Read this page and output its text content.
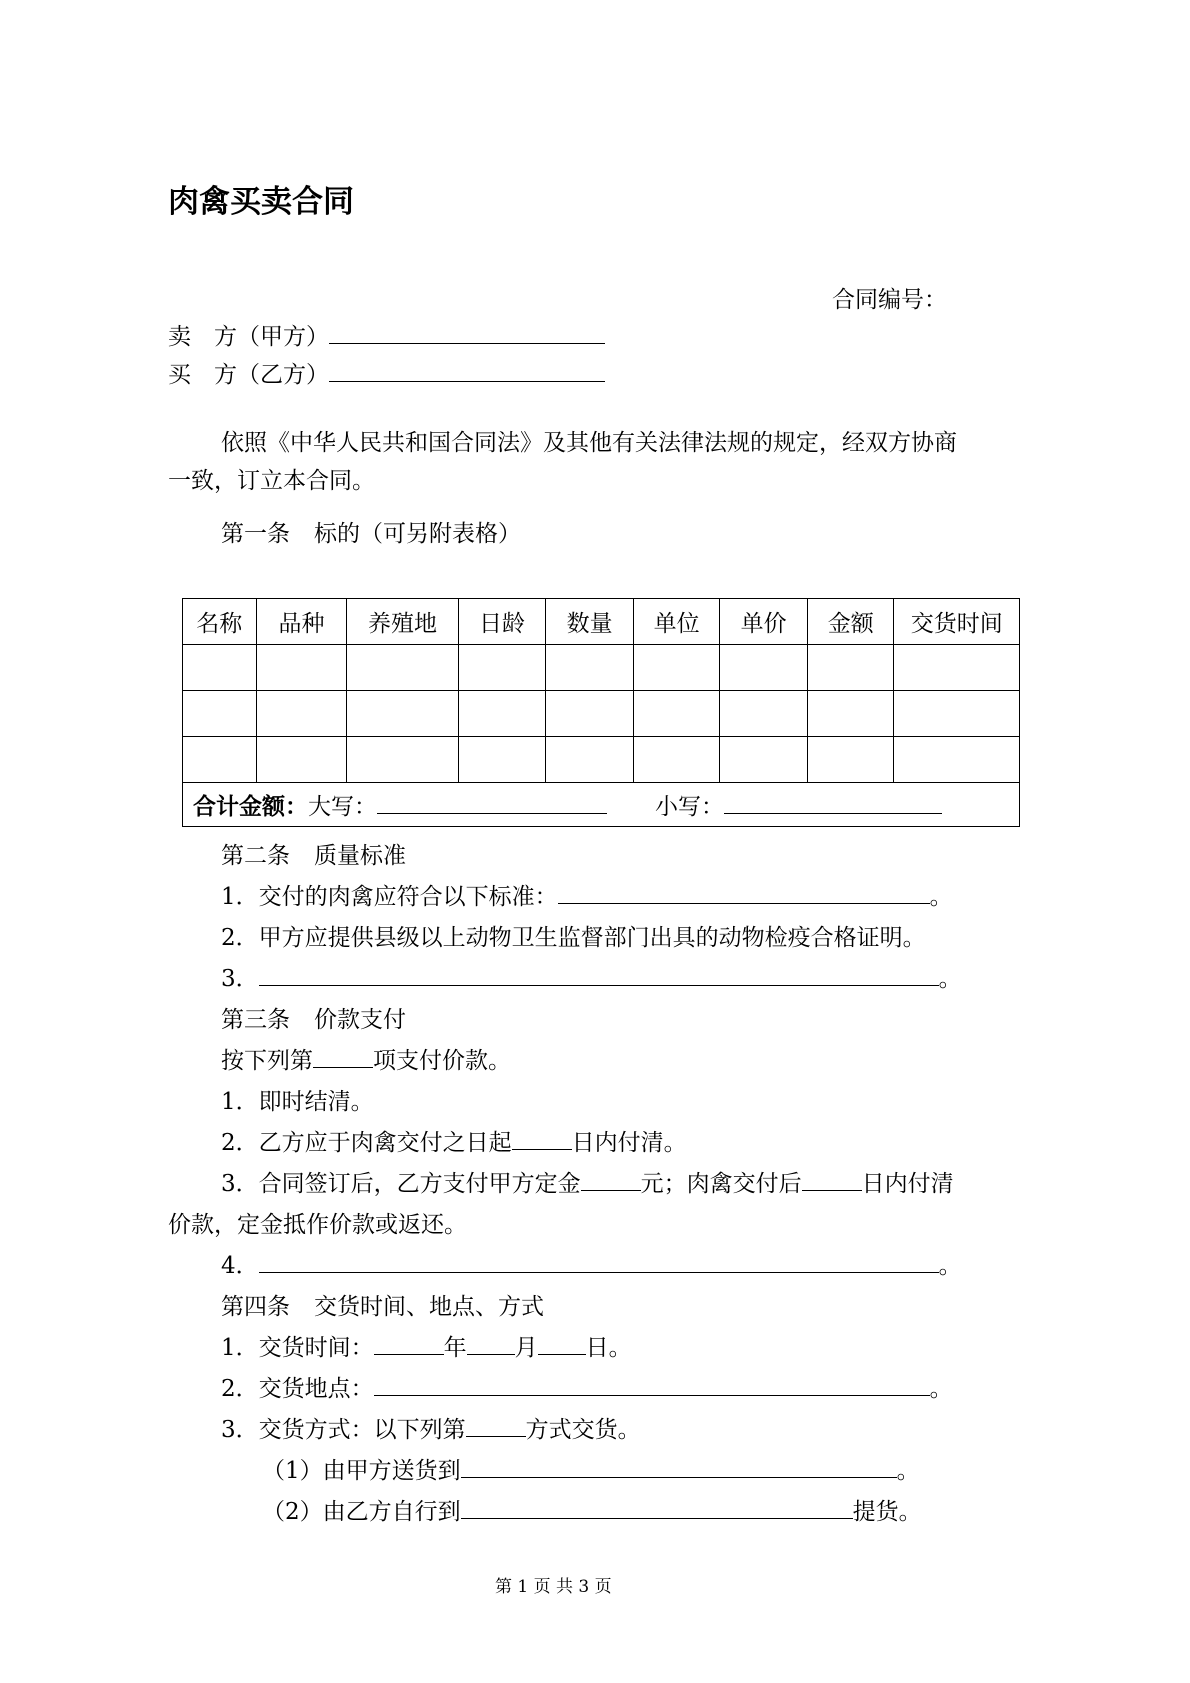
肉禽买卖合同
合同编号：
卖 方（甲方）
买 方（乙方）
依照《中华人民共和国合同法》及其他有关法律法规的规定，经双方协商
一致，订立本合同。
第一条 标的（可另附表格）
名称	品种	养殖地	日龄	数量	单位	单价	金额	交货时间

合计金额：大写： 小写：								
第二条 质量标准
1．交付的肉禽应符合以下标准：	。
2．甲方应提供县级以上动物卫生监督部门出具的动物检疫合格证明。
3．	。
第三条 价款支付
按下列第	项支付价款。
1．即时结清。
2．乙方应于肉禽交付之日起	日内付清。
3．合同签订后，乙方支付甲方定金	元；肉禽交付后	日内付清
价款，定金抵作价款或返还。
4．	。
第四条 交货时间、地点、方式
1．交货时间：	年 月 日。
2．交货地点：	。
3．交货方式：以下列第	方式交货。
（1）由甲方送货到	。
（2）由乙方自行到	提货。
第 1 页 共 3 页
